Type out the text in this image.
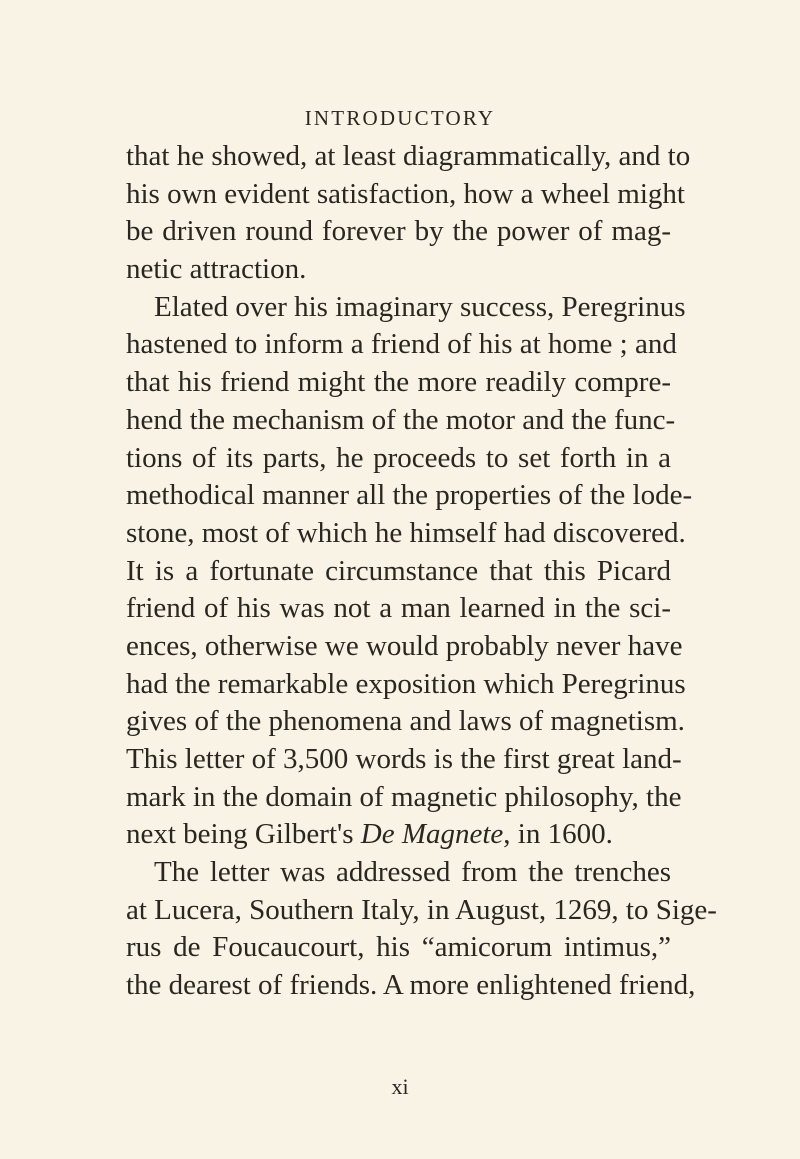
INTRODUCTORY
that he showed, at least diagrammatically, and to
his own evident satisfaction, how a wheel might
be driven round forever by the power of mag-
netic attraction.
Elated over his imaginary success, Peregrinus
hastened to inform a friend of his at home ; and
that his friend might the more readily compre-
hend the mechanism of the motor and the func-
tions of its parts, he proceeds to set forth in a
methodical manner all the properties of the lode-
stone, most of which he himself had discovered.
It is a fortunate circumstance that this Picard
friend of his was not a man learned in the sci-
ences, otherwise we would probably never have
had the remarkable exposition which Peregrinus
gives of the phenomena and laws of magnetism.
This letter of 3,500 words is the first great land-
mark in the domain of magnetic philosophy, the
next being Gilbert's De Magnete, in 1600.
The letter was addressed from the trenches
at Lucera, Southern Italy, in August, 1269, to Sige-
rus de Foucaucourt, his “amicorum intimus,”
the dearest of friends. A more enlightened friend,
xi
